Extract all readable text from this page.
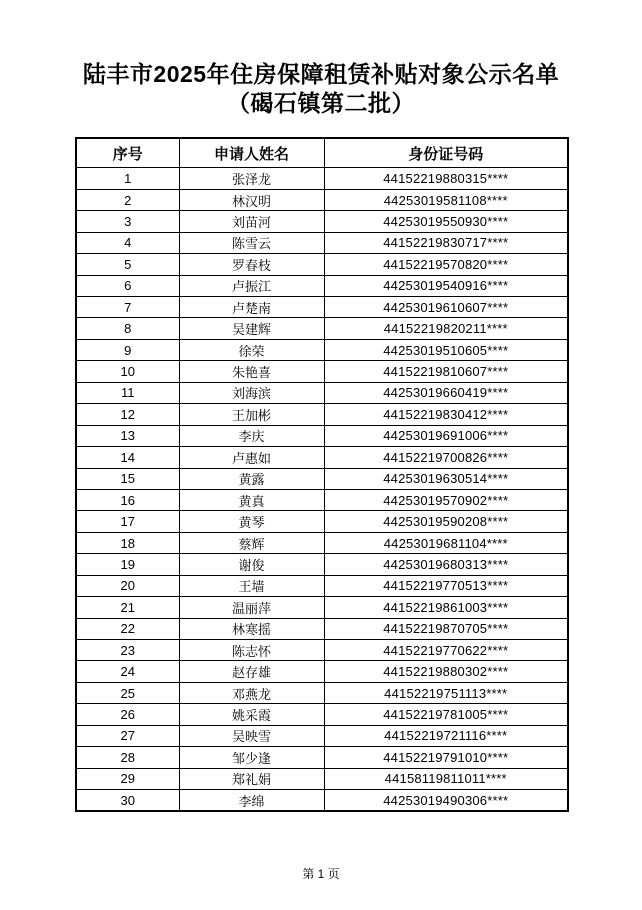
陆丰市2025年住房保障租赁补贴对象公示名单
（碣石镇第二批）
序号	申请人姓名	身份证号码
1	张泽龙	44152219880315****
2	林汉明	44253019581108****
3	刘苗河	44253019550930****
4	陈雪云	44152219830717****
5	罗春枝	44152219570820****
6	卢振江	44253019540916****
7	卢楚南	44253019610607****
8	吴建辉	44152219820211****
9	徐荣	44253019510605****
10	朱艳喜	44152219810607****
11	刘海滨	44253019660419****
12	王加彬	44152219830412****
13	李庆	44253019691006****
14	卢惠如	44152219700826****
15	黄露	44253019630514****
16	黄真	44253019570902****
17	黄琴	44253019590208****
18	蔡辉	44253019681104****
19	谢俊	44253019680313****
20	王墙	44152219770513****
21	温丽萍	44152219861003****
22	林寒摇	44152219870705****
23	陈志怀	44152219770622****
24	赵存雄	44152219880302****
25	邓燕龙	44152219751113****
26	姚采霞	44152219781005****
27	吴映雪	44152219721116****
28	邹少逢	44152219791010****
29	郑礼娟	44158119811011****
30	李绵	44253019490306****
第 1 页
